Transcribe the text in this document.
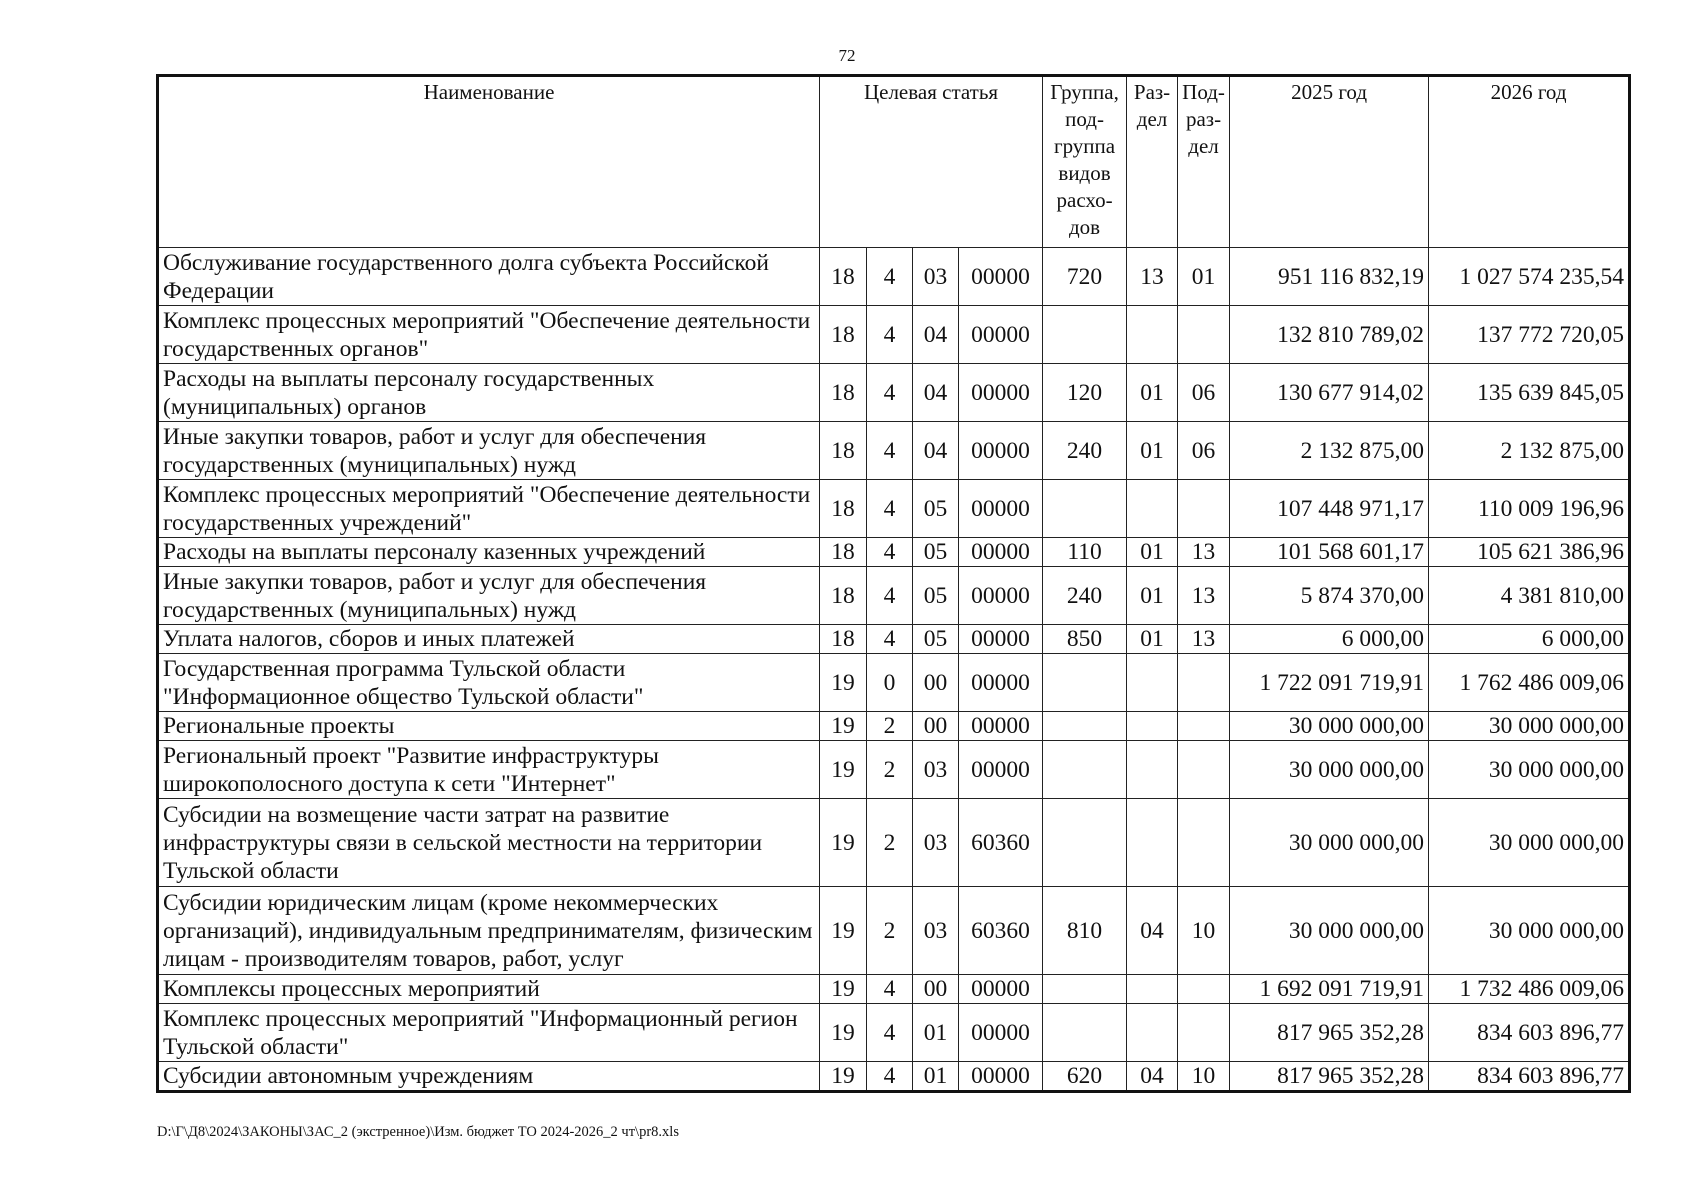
72
Наименование	Целевая статья				Группа, под-группа видов расхо-дов	Раз-дел	Под-раз-дел	2025 год	2026 год
Обслуживание государственного долга субъекта Российской Федерации	18	4	03	00000	720	13	01	951 116 832,19	1 027 574 235,54
Комплекс процессных мероприятий "Обеспечение деятельности государственных органов"	18	4	04	00000				132 810 789,02	137 772 720,05
Расходы на выплаты персоналу государственных (муниципальных) органов	18	4	04	00000	120	01	06	130 677 914,02	135 639 845,05
Иные закупки товаров, работ и услуг для обеспечения государственных (муниципальных) нужд	18	4	04	00000	240	01	06	2 132 875,00	2 132 875,00
Комплекс процессных мероприятий "Обеспечение деятельности государственных учреждений"	18	4	05	00000				107 448 971,17	110 009 196,96
Расходы на выплаты персоналу казенных учреждений	18	4	05	00000	110	01	13	101 568 601,17	105 621 386,96
Иные закупки товаров, работ и услуг для обеспечения государственных (муниципальных) нужд	18	4	05	00000	240	01	13	5 874 370,00	4 381 810,00
Уплата налогов, сборов и иных платежей	18	4	05	00000	850	01	13	6 000,00	6 000,00
Государственная программа Тульской области "Информационное общество Тульской области"	19	0	00	00000				1 722 091 719,91	1 762 486 009,06
Региональные проекты	19	2	00	00000				30 000 000,00	30 000 000,00
Региональный проект "Развитие инфраструктуры широкополосного доступа к сети "Интернет"	19	2	03	00000				30 000 000,00	30 000 000,00
Субсидии на возмещение части затрат на развитие инфраструктуры связи в сельской местности на территории Тульской области	19	2	03	60360				30 000 000,00	30 000 000,00
Субсидии юридическим лицам (кроме некоммерческих организаций), индивидуальным предпринимателям, физическим лицам - производителям товаров, работ, услуг	19	2	03	60360	810	04	10	30 000 000,00	30 000 000,00
Комплексы процессных мероприятий	19	4	00	00000				1 692 091 719,91	1 732 486 009,06
Комплекс процессных мероприятий "Информационный регион Тульской области"	19	4	01	00000				817 965 352,28	834 603 896,77
Субсидии автономным учреждениям	19	4	01	00000	620	04	10	817 965 352,28	834 603 896,77
D:\Г\Д8\2024\ЗАКОНЫ\ЗАС_2 (экстренное)\Изм. бюджет ТО 2024-2026_2 чт\pr8.xls
